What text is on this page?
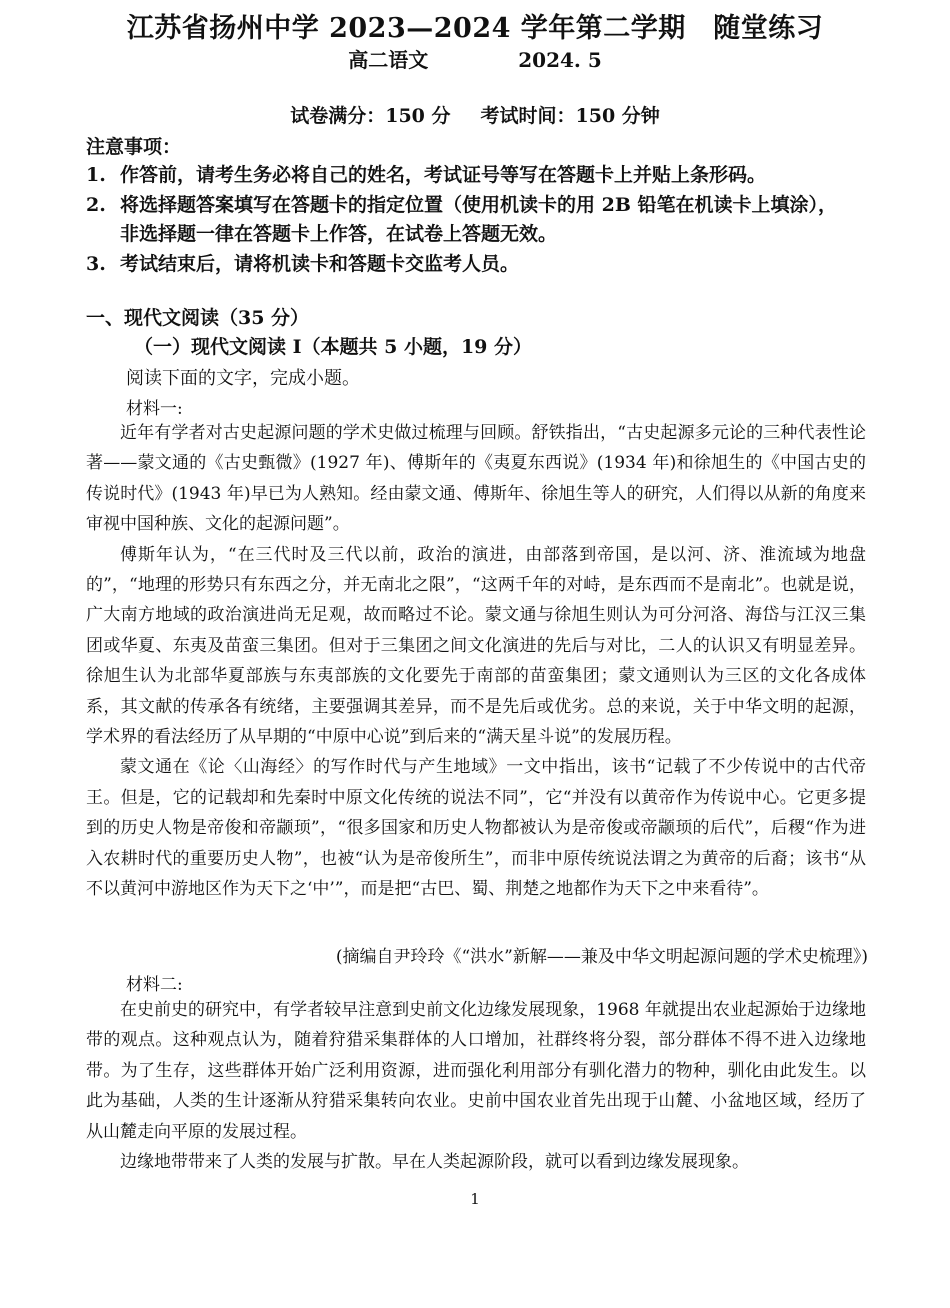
江苏省扬州中学 2023—2024 学年第二学期　随堂练习
高二语文	2024. 5
试卷满分：150 分 考试时间：150 分钟
注意事项：
1. 作答前，请考生务必将自己的姓名，考试证号等写在答题卡上并贴上条形码。
2. 将选择题答案填写在答题卡的指定位置（使用机读卡的用 2B 铅笔在机读卡上填涂），
非选择题一律在答题卡上作答，在试卷上答题无效。
3. 考试结束后，请将机读卡和答题卡交监考人员。
一、现代文阅读（35 分）
（一）现代文阅读 I（本题共 5 小题，19 分）
阅读下面的文字，完成小题。
材料一:

近年有学者对古史起源问题的学术史做过梳理与回顾。舒铁指出，“古史起源多元论的三种代表性论著——蒙文通的《古史甄微》(1927 年)、傅斯年的《夷夏东西说》(1934 年)和徐旭生的《中国古史的传说时代》(1943 年)早已为人熟知。经由蒙文通、傅斯年、徐旭生等人的研究，人们得以从新的角度来审视中国种族、文化的起源问题”。

傅斯年认为，“在三代时及三代以前，政治的演进，由部落到帝国，是以河、济、淮流域为地盘的”，“地理的形势只有东西之分，并无南北之限”，“这两千年的对峙，是东西而不是南北”。也就是说，广大南方地域的政治演进尚无足观，故而略过不论。蒙文通与徐旭生则认为可分河洛、海岱与江汉三集团或华夏、东夷及苗蛮三集团。但对于三集团之间文化演进的先后与对比，二人的认识又有明显差异。徐旭生认为北部华夏部族与东夷部族的文化要先于南部的苗蛮集团；蒙文通则认为三区的文化各成体系，其文献的传承各有统绪，主要强调其差异，而不是先后或优劣。总的来说，关于中华文明的起源，学术界的看法经历了从早期的“中原中心说”到后来的“满天星斗说”的发展历程。

蒙文通在《论〈山海经〉的写作时代与产生地域》一文中指出，该书“记载了不少传说中的古代帝王。但是，它的记载却和先秦时中原文化传统的说法不同”，它“并没有以黄帝作为传说中心。它更多提到的历史人物是帝俊和帝颛顼”，“很多国家和历史人物都被认为是帝俊或帝颛顼的后代”，后稷“作为进入农耕时代的重要历史人物”，也被“认为是帝俊所生”，而非中原传统说法谓之为黄帝的后裔；该书“从不以黄河中游地区作为天下之‘中’”，而是把“古巴、蜀、荆楚之地都作为天下之中来看待”。

(摘编自尹玲玲《“洪水”新解——兼及中华文明起源问题的学术史梳理》)
材料二:

在史前史的研究中，有学者较早注意到史前文化边缘发展现象，1968 年就提出农业起源始于边缘地带的观点。这种观点认为，随着狩猎采集群体的人口增加，社群终将分裂，部分群体不得不进入边缘地带。为了生存，这些群体开始广泛利用资源，进而强化利用部分有驯化潜力的物种，驯化由此发生。以此为基础，人类的生计逐渐从狩猎采集转向农业。史前中国农业首先出现于山麓、小盆地区域，经历了从山麓走向平原的发展过程。

边缘地带带来了人类的发展与扩散。早在人类起源阶段，就可以看到边缘发展现象。

1
